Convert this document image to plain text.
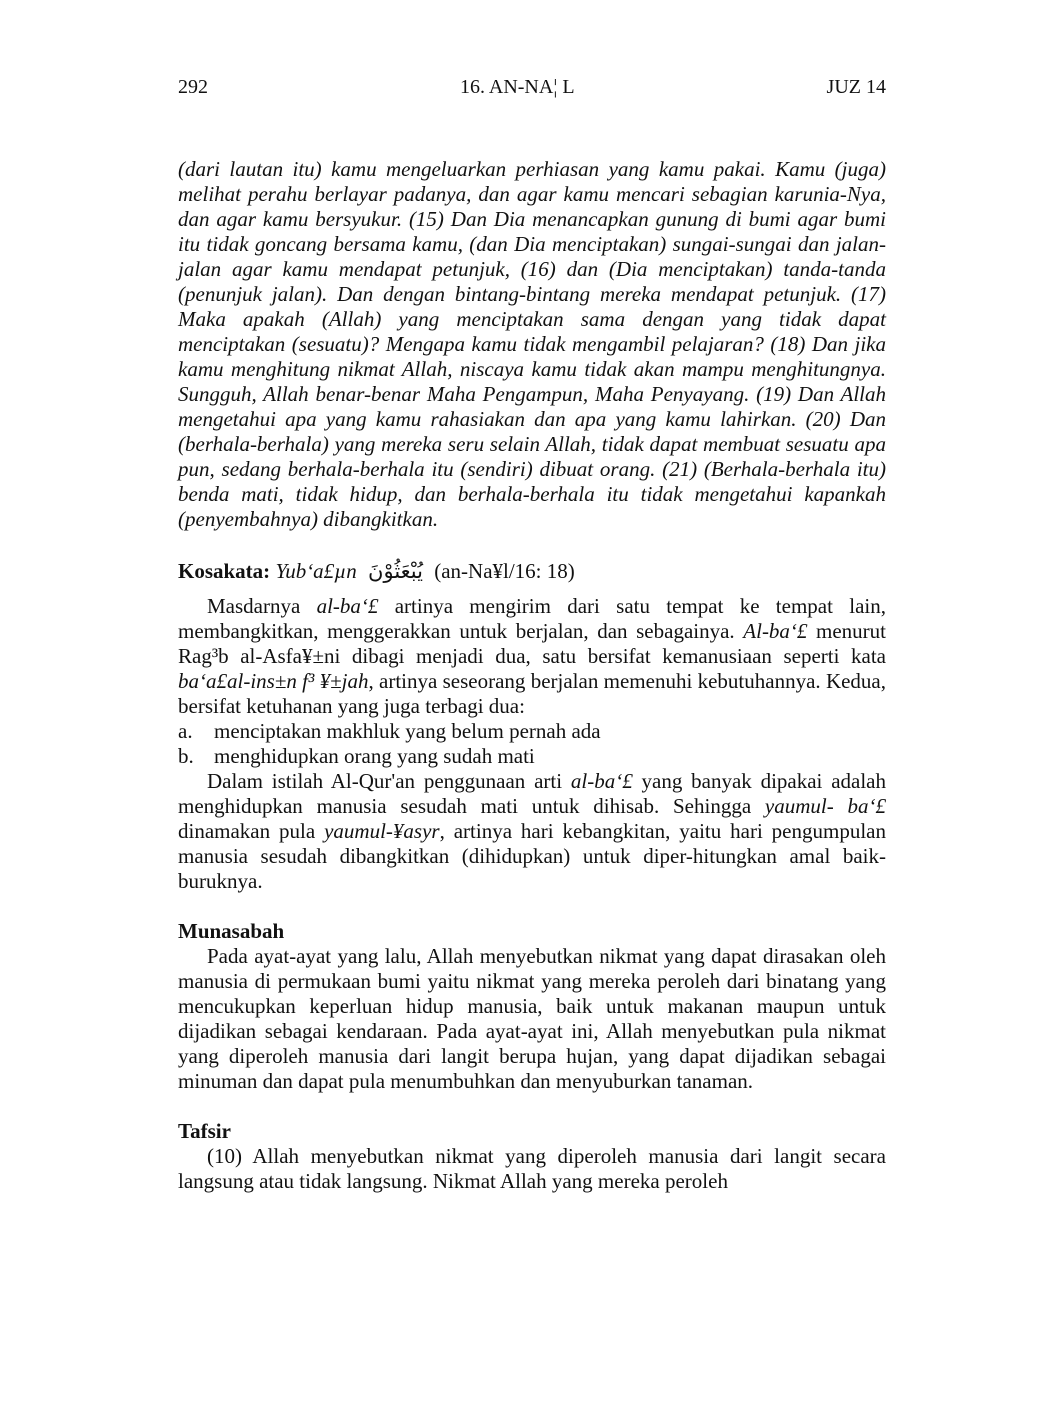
292	16. AN-NA¦ L	JUZ 14

(dari lautan itu) kamu mengeluarkan perhiasan yang kamu pakai. Kamu (juga) melihat perahu berlayar padanya, dan agar kamu mencari sebagian karunia-Nya, dan agar kamu bersyukur. (15) Dan Dia menancapkan gunung di bumi agar bumi itu tidak goncang bersama kamu, (dan Dia menciptakan) sungai-sungai dan jalan-jalan agar kamu mendapat petunjuk, (16) dan (Dia menciptakan) tanda-tanda (penunjuk jalan). Dan dengan bintang-bintang mereka mendapat petunjuk. (17) Maka apakah (Allah) yang menciptakan sama dengan yang tidak dapat menciptakan (sesuatu)? Mengapa kamu tidak mengambil pelajaran? (18) Dan jika kamu menghitung nikmat Allah, niscaya kamu tidak akan mampu menghitungnya. Sungguh, Allah benar-benar Maha Pengampun, Maha Penyayang. (19) Dan Allah mengetahui apa yang kamu rahasiakan dan apa yang kamu lahirkan. (20) Dan (berhala-berhala) yang mereka seru selain Allah, tidak dapat membuat sesuatu apa pun, sedang berhala-berhala itu (sendiri) dibuat orang. (21) (Berhala-berhala itu) benda mati, tidak hidup, dan berhala-berhala itu tidak mengetahui kapankah (penyembahnya) dibangkitkan.

Kosakata: Yub‘a£µn يُبْعَثُوْنَ (an-Na¥l/16: 18)

Masdarnya al-ba‘£ artinya mengirim dari satu tempat ke tempat lain, membangkitkan, menggerakkan untuk berjalan, dan sebagainya. Al-ba‘£ menurut Rag³b al-Asfa¥±ni dibagi menjadi dua, satu bersifat kemanusiaan seperti kata ba‘a£al-ins±n f³ ¥±jah, artinya seseorang berjalan memenuhi kebutuhannya. Kedua, bersifat ketuhanan yang juga terbagi dua:

a.	menciptakan makhluk yang belum pernah ada
b. menghidupkan orang yang sudah mati

Dalam istilah Al-Qur'an penggunaan arti al-ba‘£ yang banyak dipakai adalah menghidupkan manusia sesudah mati untuk dihisab. Sehingga yaumul- ba‘£ dinamakan pula yaumul-¥asyr, artinya hari kebangkitan, yaitu hari pengumpulan manusia sesudah dibangkitkan (dihidupkan) untuk diper-hitungkan amal baik-buruknya.

Munasabah

Pada ayat-ayat yang lalu, Allah menyebutkan nikmat yang dapat dirasakan oleh manusia di permukaan bumi yaitu nikmat yang mereka peroleh dari binatang yang mencukupkan keperluan hidup manusia, baik untuk makanan maupun untuk dijadikan sebagai kendaraan. Pada ayat-ayat ini, Allah menyebutkan pula nikmat yang diperoleh manusia dari langit berupa hujan, yang dapat dijadikan sebagai minuman dan dapat pula menumbuhkan dan menyuburkan tanaman.

Tafsir

(10) Allah menyebutkan nikmat yang diperoleh manusia dari langit secara langsung atau tidak langsung. Nikmat Allah yang mereka peroleh
